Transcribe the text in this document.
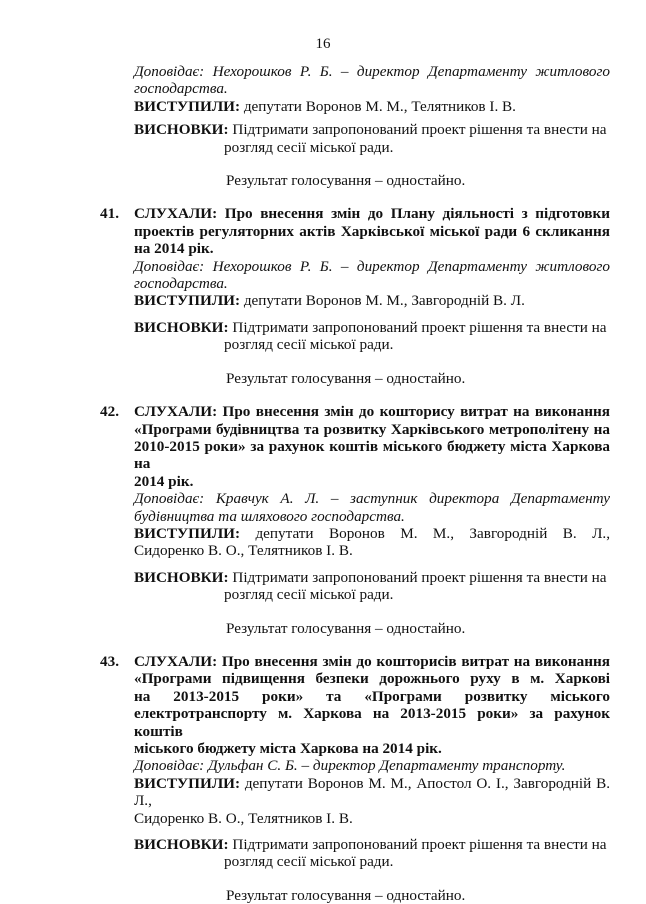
16
Доповідає: Нехорошков Р. Б. – директор Департаменту житлового
господарства.
ВИСТУПИЛИ: депутати Воронов М. М., Телятников І. В.
ВИСНОВКИ: Підтримати запропонований проект рішення та внести на
розгляд сесії міської ради.
Результат голосування – одностайно.
41. СЛУХАЛИ: Про внесення змін до Плану діяльності з підготовки
проектів регуляторних актів Харківської міської ради 6 скликання
на 2014 рік.
Доповідає: Нехорошков Р. Б. – директор Департаменту житлового
господарства.
ВИСТУПИЛИ: депутати Воронов М. М., Завгородній В. Л.
ВИСНОВКИ: Підтримати запропонований проект рішення та внести на
розгляд сесії міської ради.
Результат голосування – одностайно.
42. СЛУХАЛИ: Про внесення змін до кошторису витрат на виконання
«Програми будівництва та розвитку Харківського метрополітену на
2010-2015 роки» за рахунок коштів міського бюджету міста Харкова на
2014 рік.
Доповідає: Кравчук А. Л. – заступник директора Департаменту
будівництва та шляхового господарства.
ВИСТУПИЛИ: депутати Воронов М. М., Завгородній В. Л.,
Сидоренко В. О., Телятников І. В.
ВИСНОВКИ: Підтримати запропонований проект рішення та внести на
розгляд сесії міської ради.
Результат голосування – одностайно.
43. СЛУХАЛИ: Про внесення змін до кошторисів витрат на виконання
«Програми підвищення безпеки дорожнього руху в м. Харкові
на 2013-2015 роки» та «Програми розвитку міського
електротранспорту м. Харкова на 2013-2015 роки» за рахунок коштів
міського бюджету міста Харкова на 2014 рік.
Доповідає: Дульфан С. Б. – директор Департаменту транспорту.
ВИСТУПИЛИ: депутати Воронов М. М., Апостол О. І., Завгородній В. Л.,
Сидоренко В. О., Телятников І. В.
ВИСНОВКИ: Підтримати запропонований проект рішення та внести на
розгляд сесії міської ради.
Результат голосування – одностайно.
